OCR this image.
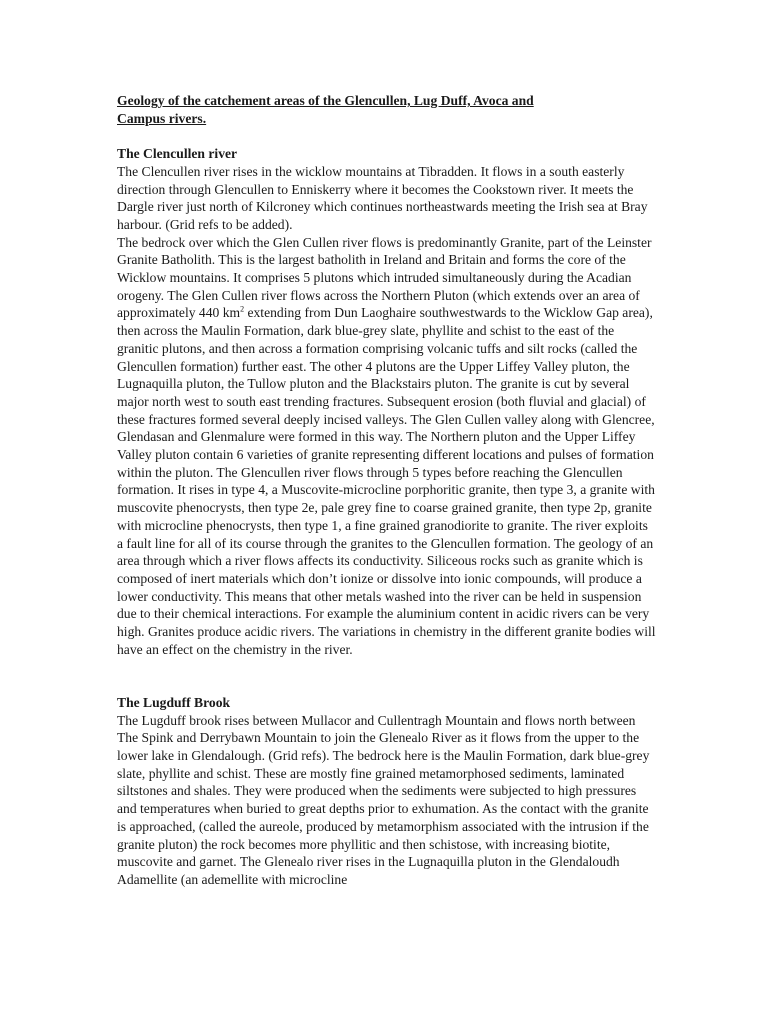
Geology of the catchement areas of the Glencullen, Lug Duff, Avoca and
Campus rivers.

The Clencullen river

The Clencullen river rises in the wicklow mountains at Tibradden. It flows in a south easterly direction through Glencullen to Enniskerry where it becomes the Cookstown river. It meets the Dargle river just north of Kilcroney which continues northeastwards meeting the Irish sea at Bray harbour. (Grid refs to be added).

The bedrock over which the Glen Cullen river flows is predominantly Granite, part of the Leinster Granite Batholith. This is the largest batholith in Ireland and Britain and forms the core of the Wicklow mountains. It comprises 5 plutons which intruded simultaneously during the Acadian orogeny. The Glen Cullen river flows across the Northern Pluton (which extends over an area of approximately 440 $km^2$ extending from Dun Laoghaire southwestwards to the Wicklow Gap area), then across the Maulin Formation, dark blue-grey slate, phyllite and schist to the east of the granitic plutons, and then across a formation comprising volcanic tuffs and silt rocks (called the Glencullen formation) further east. The other 4 plutons are the Upper Liffey Valley pluton, the Lugnaquilla pluton, the Tullow pluton and the Blackstairs pluton. The granite is cut by several major north west to south east trending fractures. Subsequent erosion (both fluvial and glacial) of these fractures formed several deeply incised valleys. The Glen Cullen valley along with Glencree, Glendasan and Glenmalure were formed in this way. The Northern pluton and the Upper Liffey Valley pluton contain 6 varieties of granite representing different locations and pulses of formation within the pluton. The Glencullen river flows through 5 types before reaching the Glencullen formation. It rises in type 4, a Muscovite-microcline porphoritic granite, then type 3, a granite with muscovite phenocrysts, then type 2e, pale grey fine to coarse grained granite, then type 2p, granite with microcline phenocrysts, then type 1, a fine grained granodiorite to granite. The river exploits a fault line for all of its course through the granites to the Glencullen formation. The geology of an area through which a river flows affects its conductivity. Siliceous rocks such as granite which is composed of inert materials which don’t ionize or dissolve into ionic compounds, will produce a lower conductivity. This means that other metals washed into the river can be held in suspension due to their chemical interactions. For example the aluminium content in acidic rivers can be very high. Granites produce acidic rivers. The variations in chemistry in the different granite bodies will have an effect on the chemistry in the river.

The Lugduff Brook

The Lugduff brook rises between Mullacor and Cullentragh Mountain and flows north between The Spink and Derrybawn Mountain to join the Glenealo River as it flows from the upper to the lower lake in Glendalough. (Grid refs). The bedrock here is the Maulin Formation, dark blue-grey slate, phyllite and schist. These are mostly fine grained metamorphosed sediments, laminated siltstones and shales. They were produced when the sediments were subjected to high pressures and temperatures when buried to great depths prior to exhumation. As the contact with the granite is approached, (called the aureole, produced by metamorphism associated with the intrusion if the granite pluton) the rock becomes more phyllitic and then schistose, with increasing biotite, muscovite and garnet. The Glenealo river rises in the Lugnaquilla pluton in the Glendaloudh Adamellite (an ademellite with microcline
